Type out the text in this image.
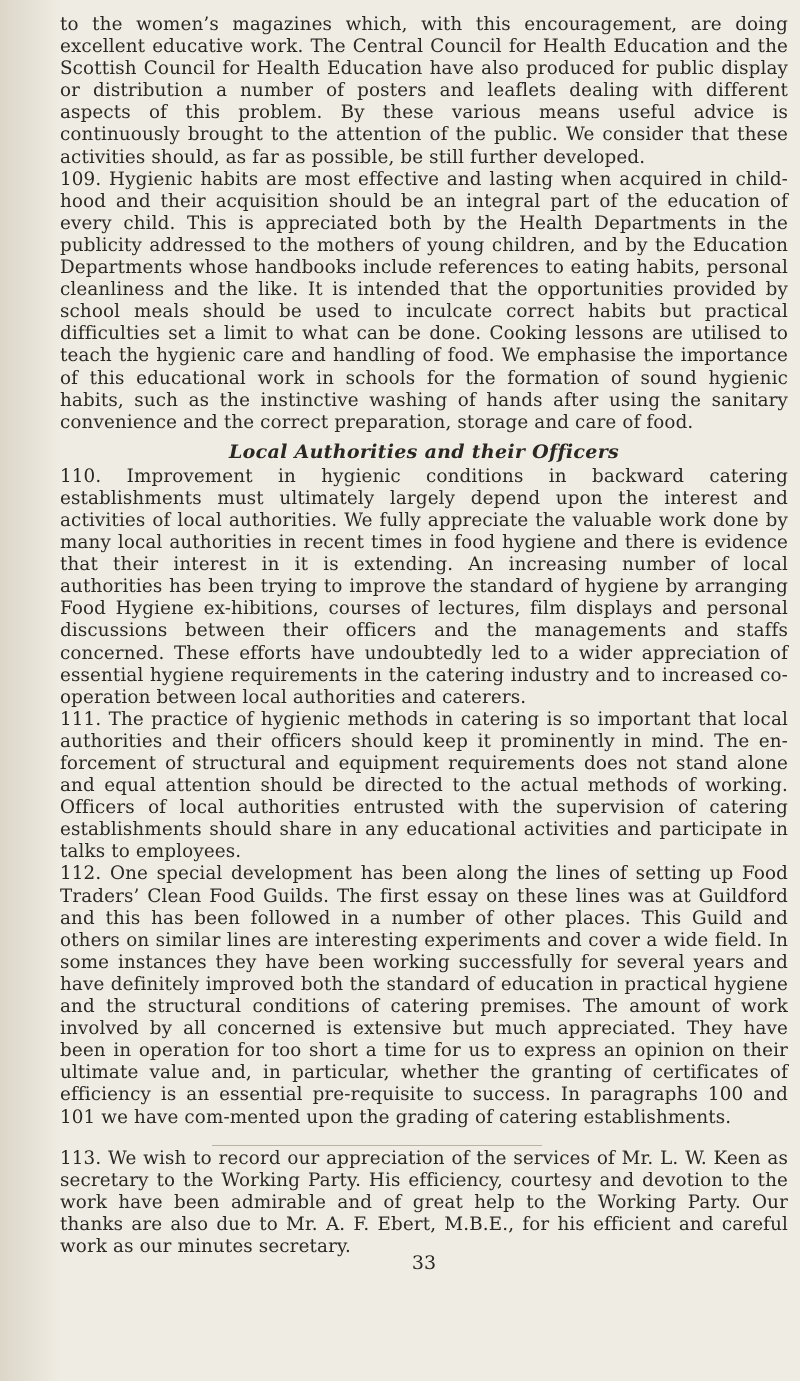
to the women’s magazines which, with this encouragement, are doing excellent educative work. The Central Council for Health Education and the Scottish Council for Health Education have also produced for public display or distribution a number of posters and leaflets dealing with different aspects of this problem. By these various means useful advice is continuously brought to the attention of the public. We consider that these activities should, as far as possible, be still further developed.

109. Hygienic habits are most effective and lasting when acquired in child-hood and their acquisition should be an integral part of the education of every child. This is appreciated both by the Health Departments in the publicity addressed to the mothers of young children, and by the Education Departments whose handbooks include references to eating habits, personal cleanliness and the like. It is intended that the opportunities provided by school meals should be used to inculcate correct habits but practical difficulties set a limit to what can be done. Cooking lessons are utilised to teach the hygienic care and handling of food. We emphasise the importance of this educational work in schools for the formation of sound hygienic habits, such as the instinctive washing of hands after using the sanitary convenience and the correct preparation, storage and care of food.

Local Authorities and their Officers

110. Improvement in hygienic conditions in backward catering establishments must ultimately largely depend upon the interest and activities of local authorities. We fully appreciate the valuable work done by many local authorities in recent times in food hygiene and there is evidence that their interest in it is extending. An increasing number of local authorities has been trying to improve the standard of hygiene by arranging Food Hygiene ex-hibitions, courses of lectures, film displays and personal discussions between their officers and the managements and staffs concerned. These efforts have undoubtedly led to a wider appreciation of essential hygiene requirements in the catering industry and to increased co-operation between local authorities and caterers.

111. The practice of hygienic methods in catering is so important that local authorities and their officers should keep it prominently in mind. The en-forcement of structural and equipment requirements does not stand alone and equal attention should be directed to the actual methods of working. Officers of local authorities entrusted with the supervision of catering establishments should share in any educational activities and participate in talks to employees.

112. One special development has been along the lines of setting up Food Traders’ Clean Food Guilds. The first essay on these lines was at Guildford and this has been followed in a number of other places. This Guild and others on similar lines are interesting experiments and cover a wide field. In some instances they have been working successfully for several years and have definitely improved both the standard of education in practical hygiene and the structural conditions of catering premises. The amount of work involved by all concerned is extensive but much appreciated. They have been in operation for too short a time for us to express an opinion on their ultimate value and, in particular, whether the granting of certificates of efficiency is an essential pre-requisite to success. In paragraphs 100 and 101 we have com-mented upon the grading of catering establishments.

113. We wish to record our appreciation of the services of Mr. L. W. Keen as secretary to the Working Party. His efficiency, courtesy and devotion to the work have been admirable and of great help to the Working Party. Our thanks are also due to Mr. A. F. Ebert, M.B.E., for his efficient and careful work as our minutes secretary.

33
